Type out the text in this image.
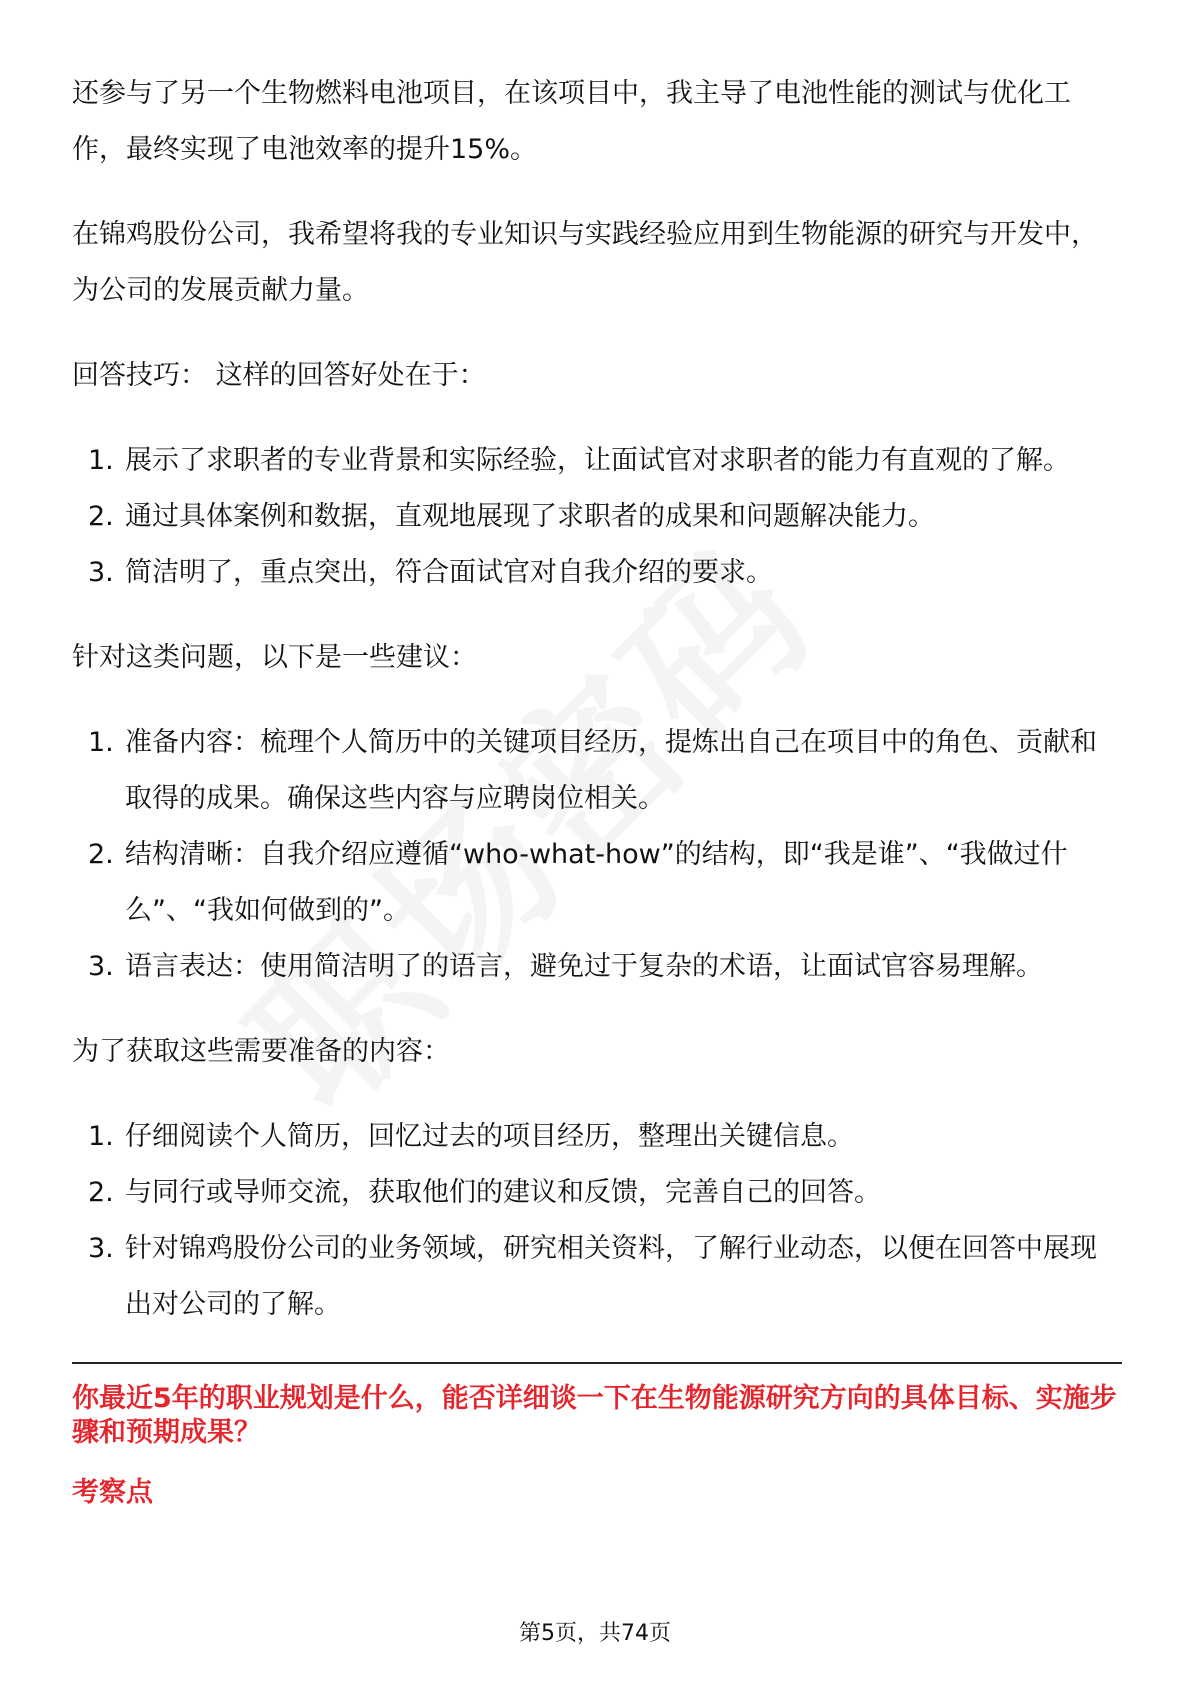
还参与了另一个生物燃料电池项目，在该项目中，我主导了电池性能的测试与优化工作，最终实现了电池效率的提升15%。

在锦鸡股份公司，我希望将我的专业知识与实践经验应用到生物能源的研究与开发中，为公司的发展贡献力量。

回答技巧： 这样的回答好处在于：

1. 展示了求职者的专业背景和实际经验，让面试官对求职者的能力有直观的了解。
2. 通过具体案例和数据，直观地展现了求职者的成果和问题解决能力。
3. 简洁明了，重点突出，符合面试官对自我介绍的要求。

针对这类问题，以下是一些建议：

1. 准备内容：梳理个人简历中的关键项目经历，提炼出自己在项目中的角色、贡献和取得的成果。确保这些内容与应聘岗位相关。
2. 结构清晰：自我介绍应遵循“who-what-how”的结构，即“我是谁”、“我做过什么”、“我如何做到的”。
3. 语言表达：使用简洁明了的语言，避免过于复杂的术语，让面试官容易理解。

为了获取这些需要准备的内容：

1. 仔细阅读个人简历，回忆过去的项目经历，整理出关键信息。
2. 与同行或导师交流，获取他们的建议和反馈，完善自己的回答。
3. 针对锦鸡股份公司的业务领域，研究相关资料，了解行业动态，以便在回答中展现出对公司的了解。

你最近5年的职业规划是什么，能否详细谈一下在生物能源研究方向的具体目标、实施步骤和预期成果？

考察点

第5页，共74页
